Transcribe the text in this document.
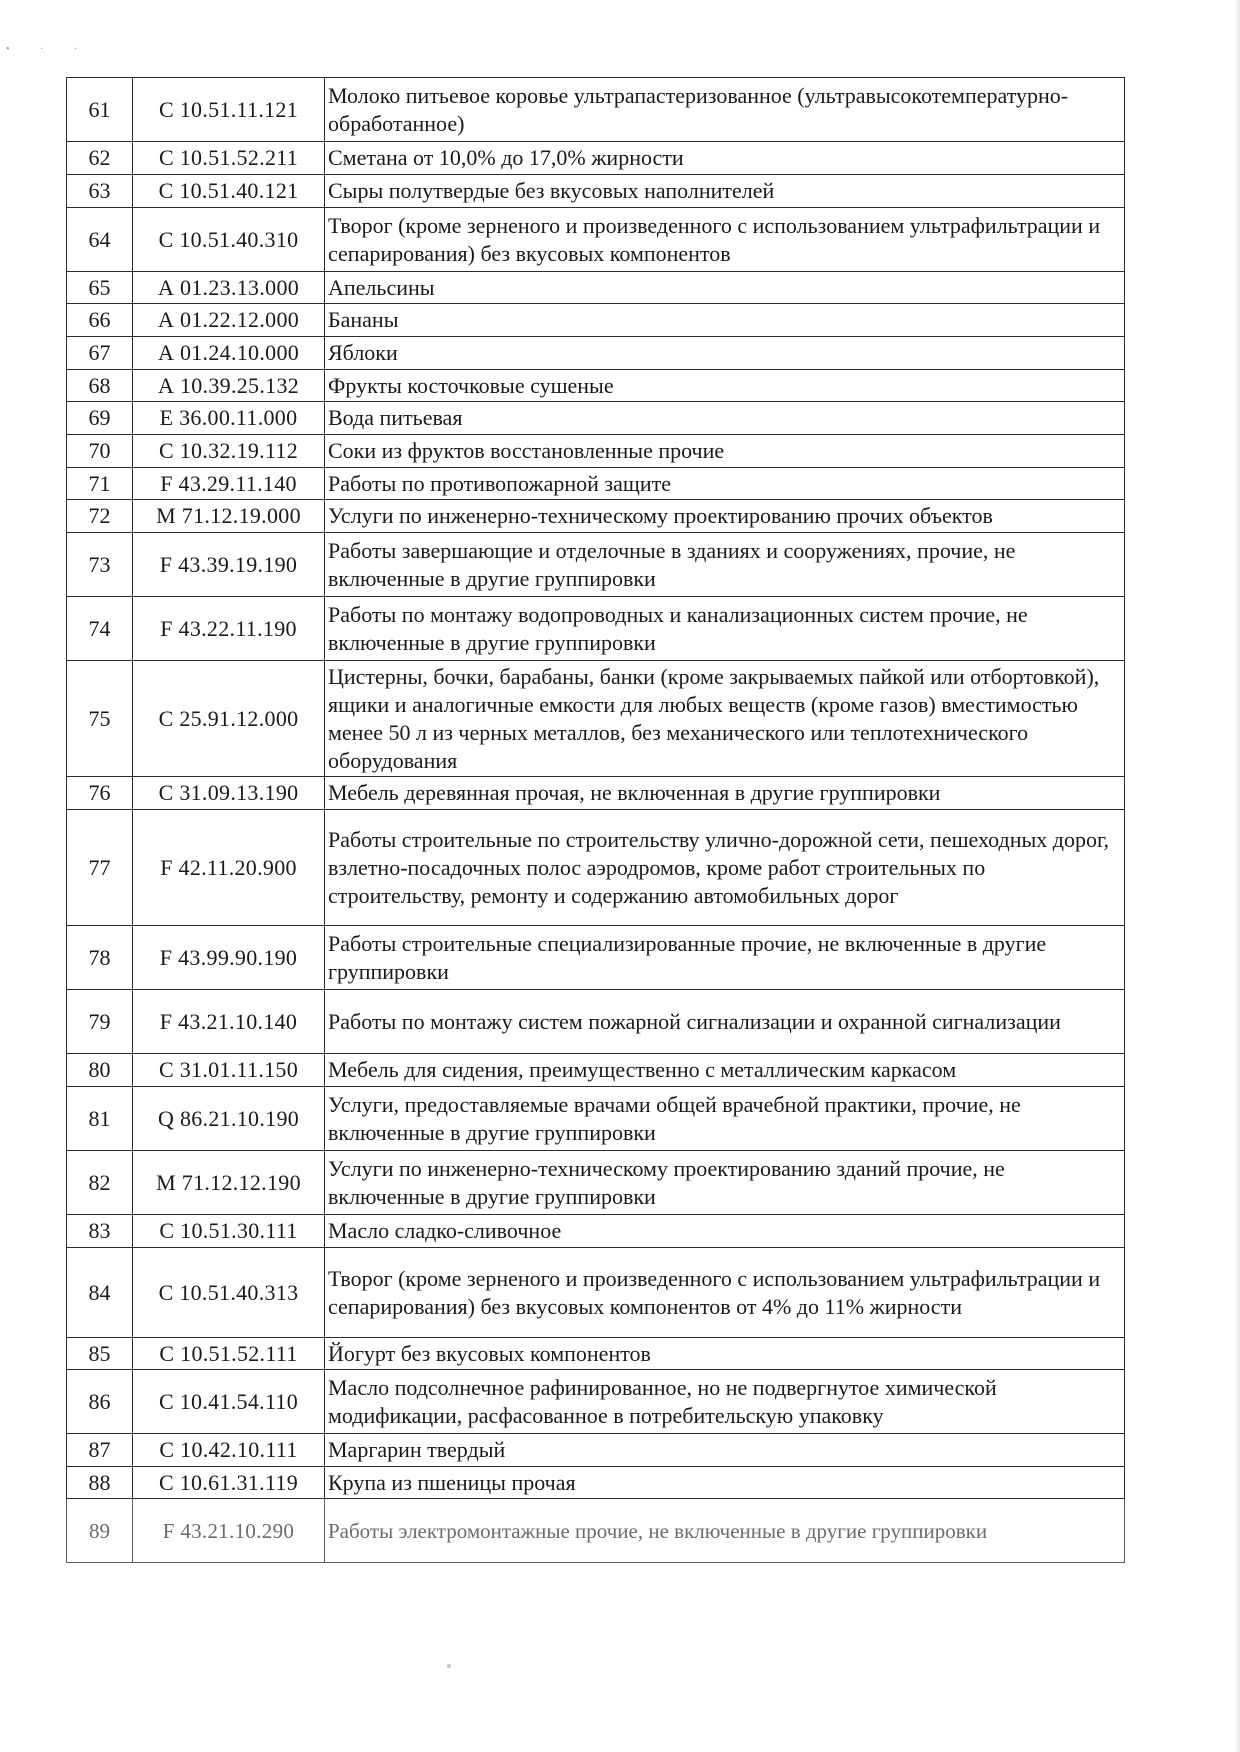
• · ·
61	С 10.51.11.121	Молоко питьевое коровье ультрапастеризованное (ультравысокотемпературно-обработанное)
62	С 10.51.52.211	Сметана от 10,0% до 17,0% жирности
63	С 10.51.40.121	Сыры полутвердые без вкусовых наполнителей
64	С 10.51.40.310	Творог (кроме зерненого и произведенного с использованием ультрафильтрации и сепарирования) без вкусовых компонентов
65	А 01.23.13.000	Апельсины
66	А 01.22.12.000	Бананы
67	А 01.24.10.000	Яблоки
68	А 10.39.25.132	Фрукты косточковые сушеные
69	Е 36.00.11.000	Вода питьевая
70	С 10.32.19.112	Соки из фруктов восстановленные прочие
71	F 43.29.11.140	Работы по противопожарной защите
72	М 71.12.19.000	Услуги по инженерно-техническому проектированию прочих объектов
73	F 43.39.19.190	Работы завершающие и отделочные в зданиях и сооружениях, прочие, не включенные в другие группировки
74	F 43.22.11.190	Работы по монтажу водопроводных и канализационных систем прочие, не включенные в другие группировки
75	С 25.91.12.000	Цистерны, бочки, барабаны, банки (кроме закрываемых пайкой или отбортовкой), ящики и аналогичные емкости для любых веществ (кроме газов) вместимостью менее 50 л из черных металлов, без механического или теплотехнического оборудования
76	С 31.09.13.190	Мебель деревянная прочая, не включенная в другие группировки
77	F 42.11.20.900	Работы строительные по строительству улично-дорожной сети, пешеходных дорог, взлетно-посадочных полос аэродромов, кроме работ строительных по строительству, ремонту и содержанию автомобильных дорог
78	F 43.99.90.190	Работы строительные специализированные прочие, не включенные в другие группировки
79	F 43.21.10.140	Работы по монтажу систем пожарной сигнализации и охранной сигнализации
80	С 31.01.11.150	Мебель для сидения, преимущественно с металлическим каркасом
81	Q 86.21.10.190	Услуги, предоставляемые врачами общей врачебной практики, прочие, не включенные в другие группировки
82	М 71.12.12.190	Услуги по инженерно-техническому проектированию зданий прочие, не включенные в другие группировки
83	С 10.51.30.111	Масло сладко-сливочное
84	С 10.51.40.313	Творог (кроме зерненого и произведенного с использованием ультрафильтрации и сепарирования) без вкусовых компонентов от 4% до 11% жирности
85	С 10.51.52.111	Йогурт без вкусовых компонентов
86	С 10.41.54.110	Масло подсолнечное рафинированное, но не подвергнутое химической модификации, расфасованное в потребительскую упаковку
87	С 10.42.10.111	Маргарин твердый
88	С 10.61.31.119	Крупа из пшеницы прочая
89	F 43.21.10.290	Работы электромонтажные прочие, не включенные в другие группировки
